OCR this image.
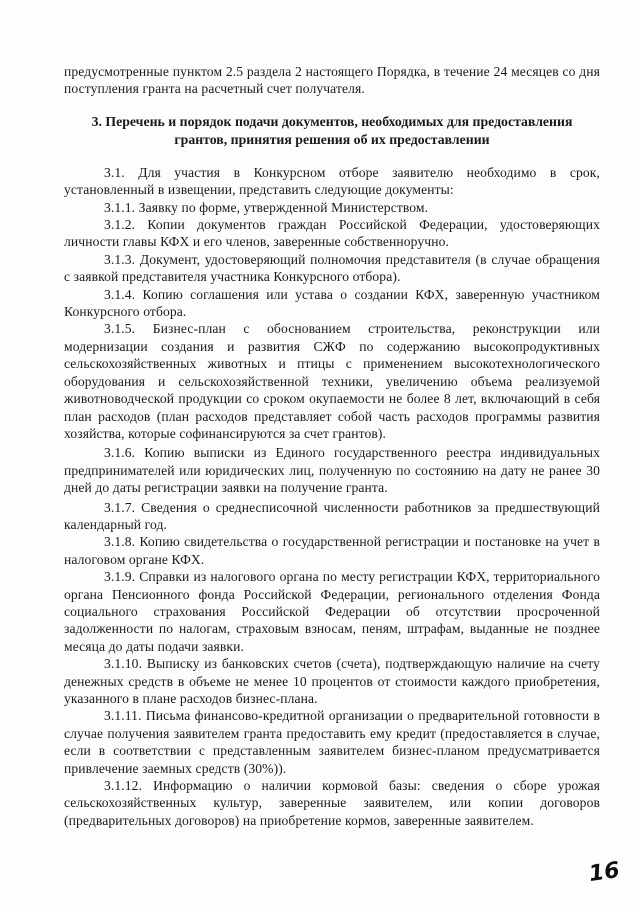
предусмотренные пунктом 2.5 раздела 2 настоящего Порядка, в течение 24 месяцев со дня поступления гранта на расчетный счет получателя.

3. Перечень и порядок подачи документов, необходимых для предоставления грантов, принятия решения об их предоставлении

3.1. Для участия в Конкурсном отборе заявителю необходимо в срок, установленный в извещении, представить следующие документы:

3.1.1. Заявку по форме, утвержденной Министерством.

3.1.2. Копии документов граждан Российской Федерации, удостоверяющих личности главы КФХ и его членов, заверенные собственноручно.

3.1.3. Документ, удостоверяющий полномочия представителя (в случае обращения с заявкой представителя участника Конкурсного отбора).

3.1.4. Копию соглашения или устава о создании КФХ, заверенную участником Конкурсного отбора.

3.1.5. Бизнес-план с обоснованием строительства, реконструкции или модернизации создания и развития СЖФ по содержанию высокопродуктивных сельскохозяйственных животных и птицы с применением высокотехнологического оборудования и сельскохозяйственной техники, увеличению объема реализуемой животноводческой продукции со сроком окупаемости не более 8 лет, включающий в себя план расходов (план расходов представляет собой часть расходов программы развития хозяйства, которые софинансируются за счет грантов).

3.1.6. Копию выписки из Единого государственного реестра индивидуальных предпринимателей или юридических лиц, полученную по состоянию на дату не ранее 30 дней до даты регистрации заявки на получение гранта.

3.1.7. Сведения о среднесписочной численности работников за предшествующий календарный год.

3.1.8. Копию свидетельства о государственной регистрации и постановке на учет в налоговом органе КФХ.

3.1.9. Справки из налогового органа по месту регистрации КФХ, территориального органа Пенсионного фонда Российской Федерации, регионального отделения Фонда социального страхования Российской Федерации об отсутствии просроченной задолженности по налогам, страховым взносам, пеням, штрафам, выданные не позднее месяца до даты подачи заявки.

3.1.10. Выписку из банковских счетов (счета), подтверждающую наличие на счету денежных средств в объеме не менее 10 процентов от стоимости каждого приобретения, указанного в плане расходов бизнес-плана.

3.1.11. Письма финансово-кредитной организации о предварительной готовности в случае получения заявителем гранта предоставить ему кредит (предоставляется в случае, если в соответствии с представленным заявителем бизнес-планом предусматривается привлечение заемных средств (30%)).

3.1.12. Информацию о наличии кормовой базы: сведения о сборе урожая сельскохозяйственных культур, заверенные заявителем, или копии договоров (предварительных договоров) на приобретение кормов, заверенные заявителем.

16
